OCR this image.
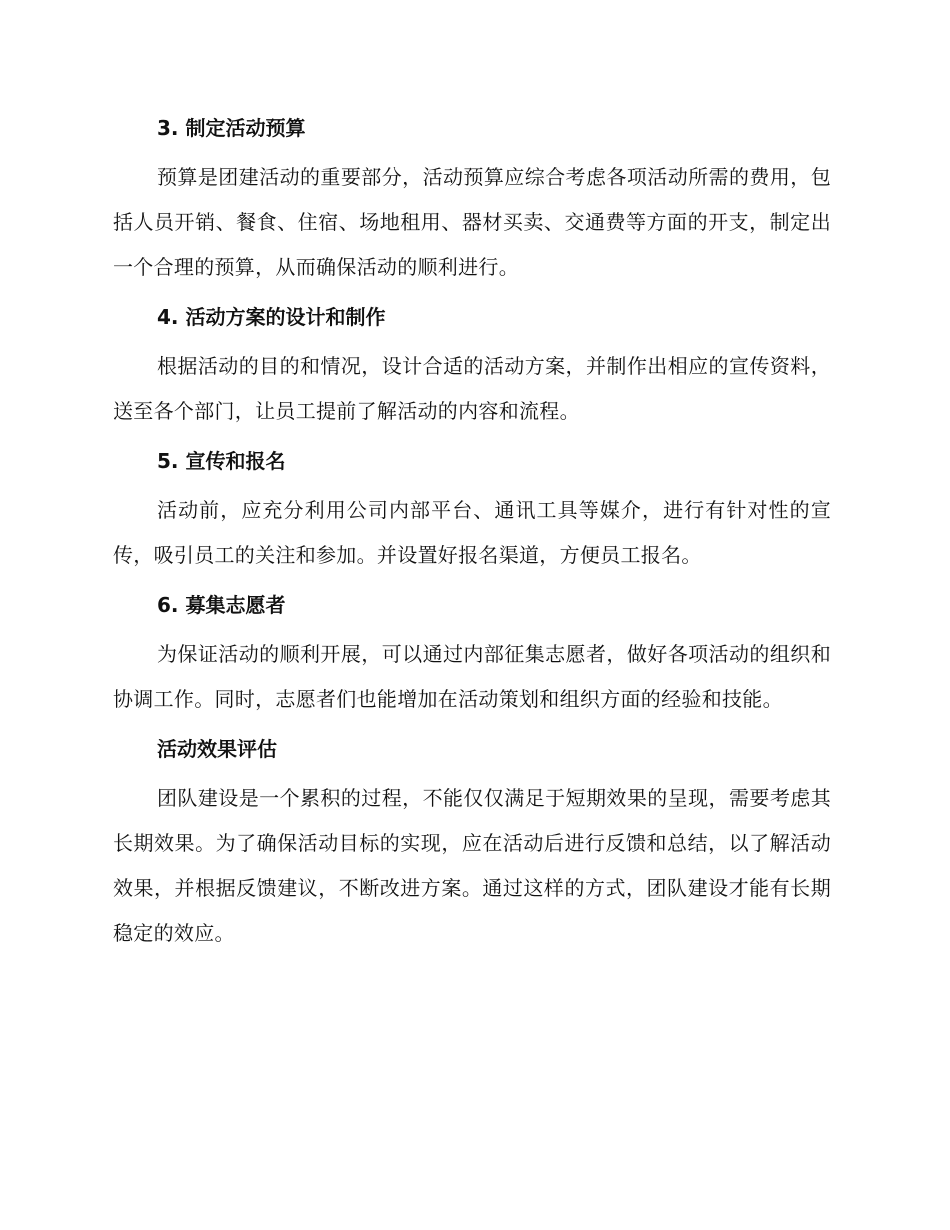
3. 制定活动预算

预算是团建活动的重要部分，活动预算应综合考虑各项活动所需的费用，包括人员开销、餐食、住宿、场地租用、器材买卖、交通费等方面的开支，制定出一个合理的预算，从而确保活动的顺利进行。

4. 活动方案的设计和制作

根据活动的目的和情况，设计合适的活动方案，并制作出相应的宣传资料，送至各个部门，让员工提前了解活动的内容和流程。

5. 宣传和报名

活动前，应充分利用公司内部平台、通讯工具等媒介，进行有针对性的宣传，吸引员工的关注和参加。并设置好报名渠道，方便员工报名。

6. 募集志愿者

为保证活动的顺利开展，可以通过内部征集志愿者，做好各项活动的组织和协调工作。同时，志愿者们也能增加在活动策划和组织方面的经验和技能。

活动效果评估

团队建设是一个累积的过程，不能仅仅满足于短期效果的呈现，需要考虑其长期效果。为了确保活动目标的实现，应在活动后进行反馈和总结，以了解活动效果，并根据反馈建议，不断改进方案。通过这样的方式，团队建设才能有长期稳定的效应。
